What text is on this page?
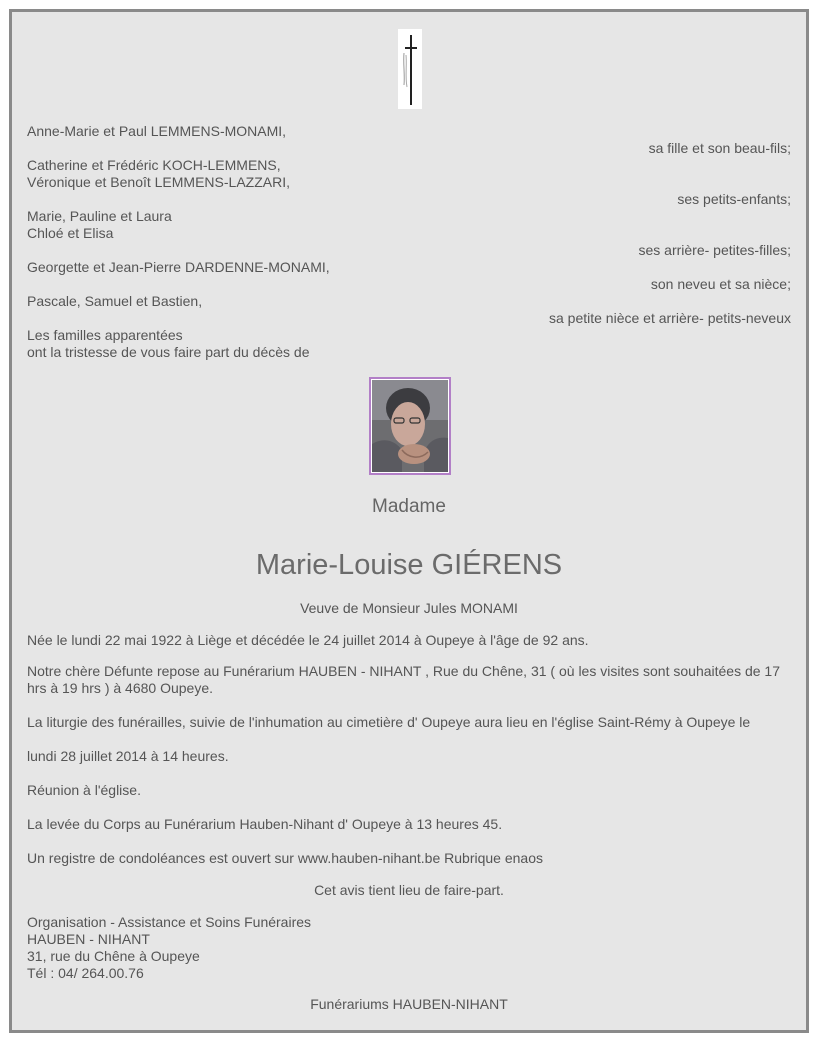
Anne-Marie et Paul LEMMENS-MONAMI,
sa fille et son beau-fils;
Catherine et Frédéric KOCH-LEMMENS,
Véronique et Benoît LEMMENS-LAZZARI,
ses petits-enfants;
Marie, Pauline et Laura
Chloé et Elisa
ses arrière- petites-filles;
Georgette et Jean-Pierre DARDENNE-MONAMI,
son neveu et sa nièce;
Pascale, Samuel et Bastien,
sa petite nièce et arrière- petits-neveux
Les familles apparentées
ont la tristesse de vous faire part du décès de
Madame
Marie-Louise GIÉRENS
Veuve de Monsieur Jules MONAMI
Née le lundi 22 mai 1922 à Liège et décédée le 24 juillet 2014 à Oupeye à l'âge de 92 ans.
Notre chère Défunte repose au Funérarium HAUBEN - NIHANT , Rue du Chêne, 31 ( où les visites sont souhaitées de 17 hrs à 19 hrs ) à 4680 Oupeye.
La liturgie des funérailles, suivie de l'inhumation au cimetière d' Oupeye aura lieu en l'église Saint-Rémy à Oupeye le
lundi 28 juillet 2014 à 14 heures.
Réunion à l'église.
La levée du Corps au Funérarium Hauben-Nihant d' Oupeye à 13 heures 45.
Un registre de condoléances est ouvert sur www.hauben-nihant.be Rubrique enaos
Cet avis tient lieu de faire-part.
Organisation - Assistance et Soins Funéraires
HAUBEN - NIHANT
31, rue du Chêne à Oupeye
Tél : 04/ 264.00.76
Funérariums HAUBEN-NIHANT
